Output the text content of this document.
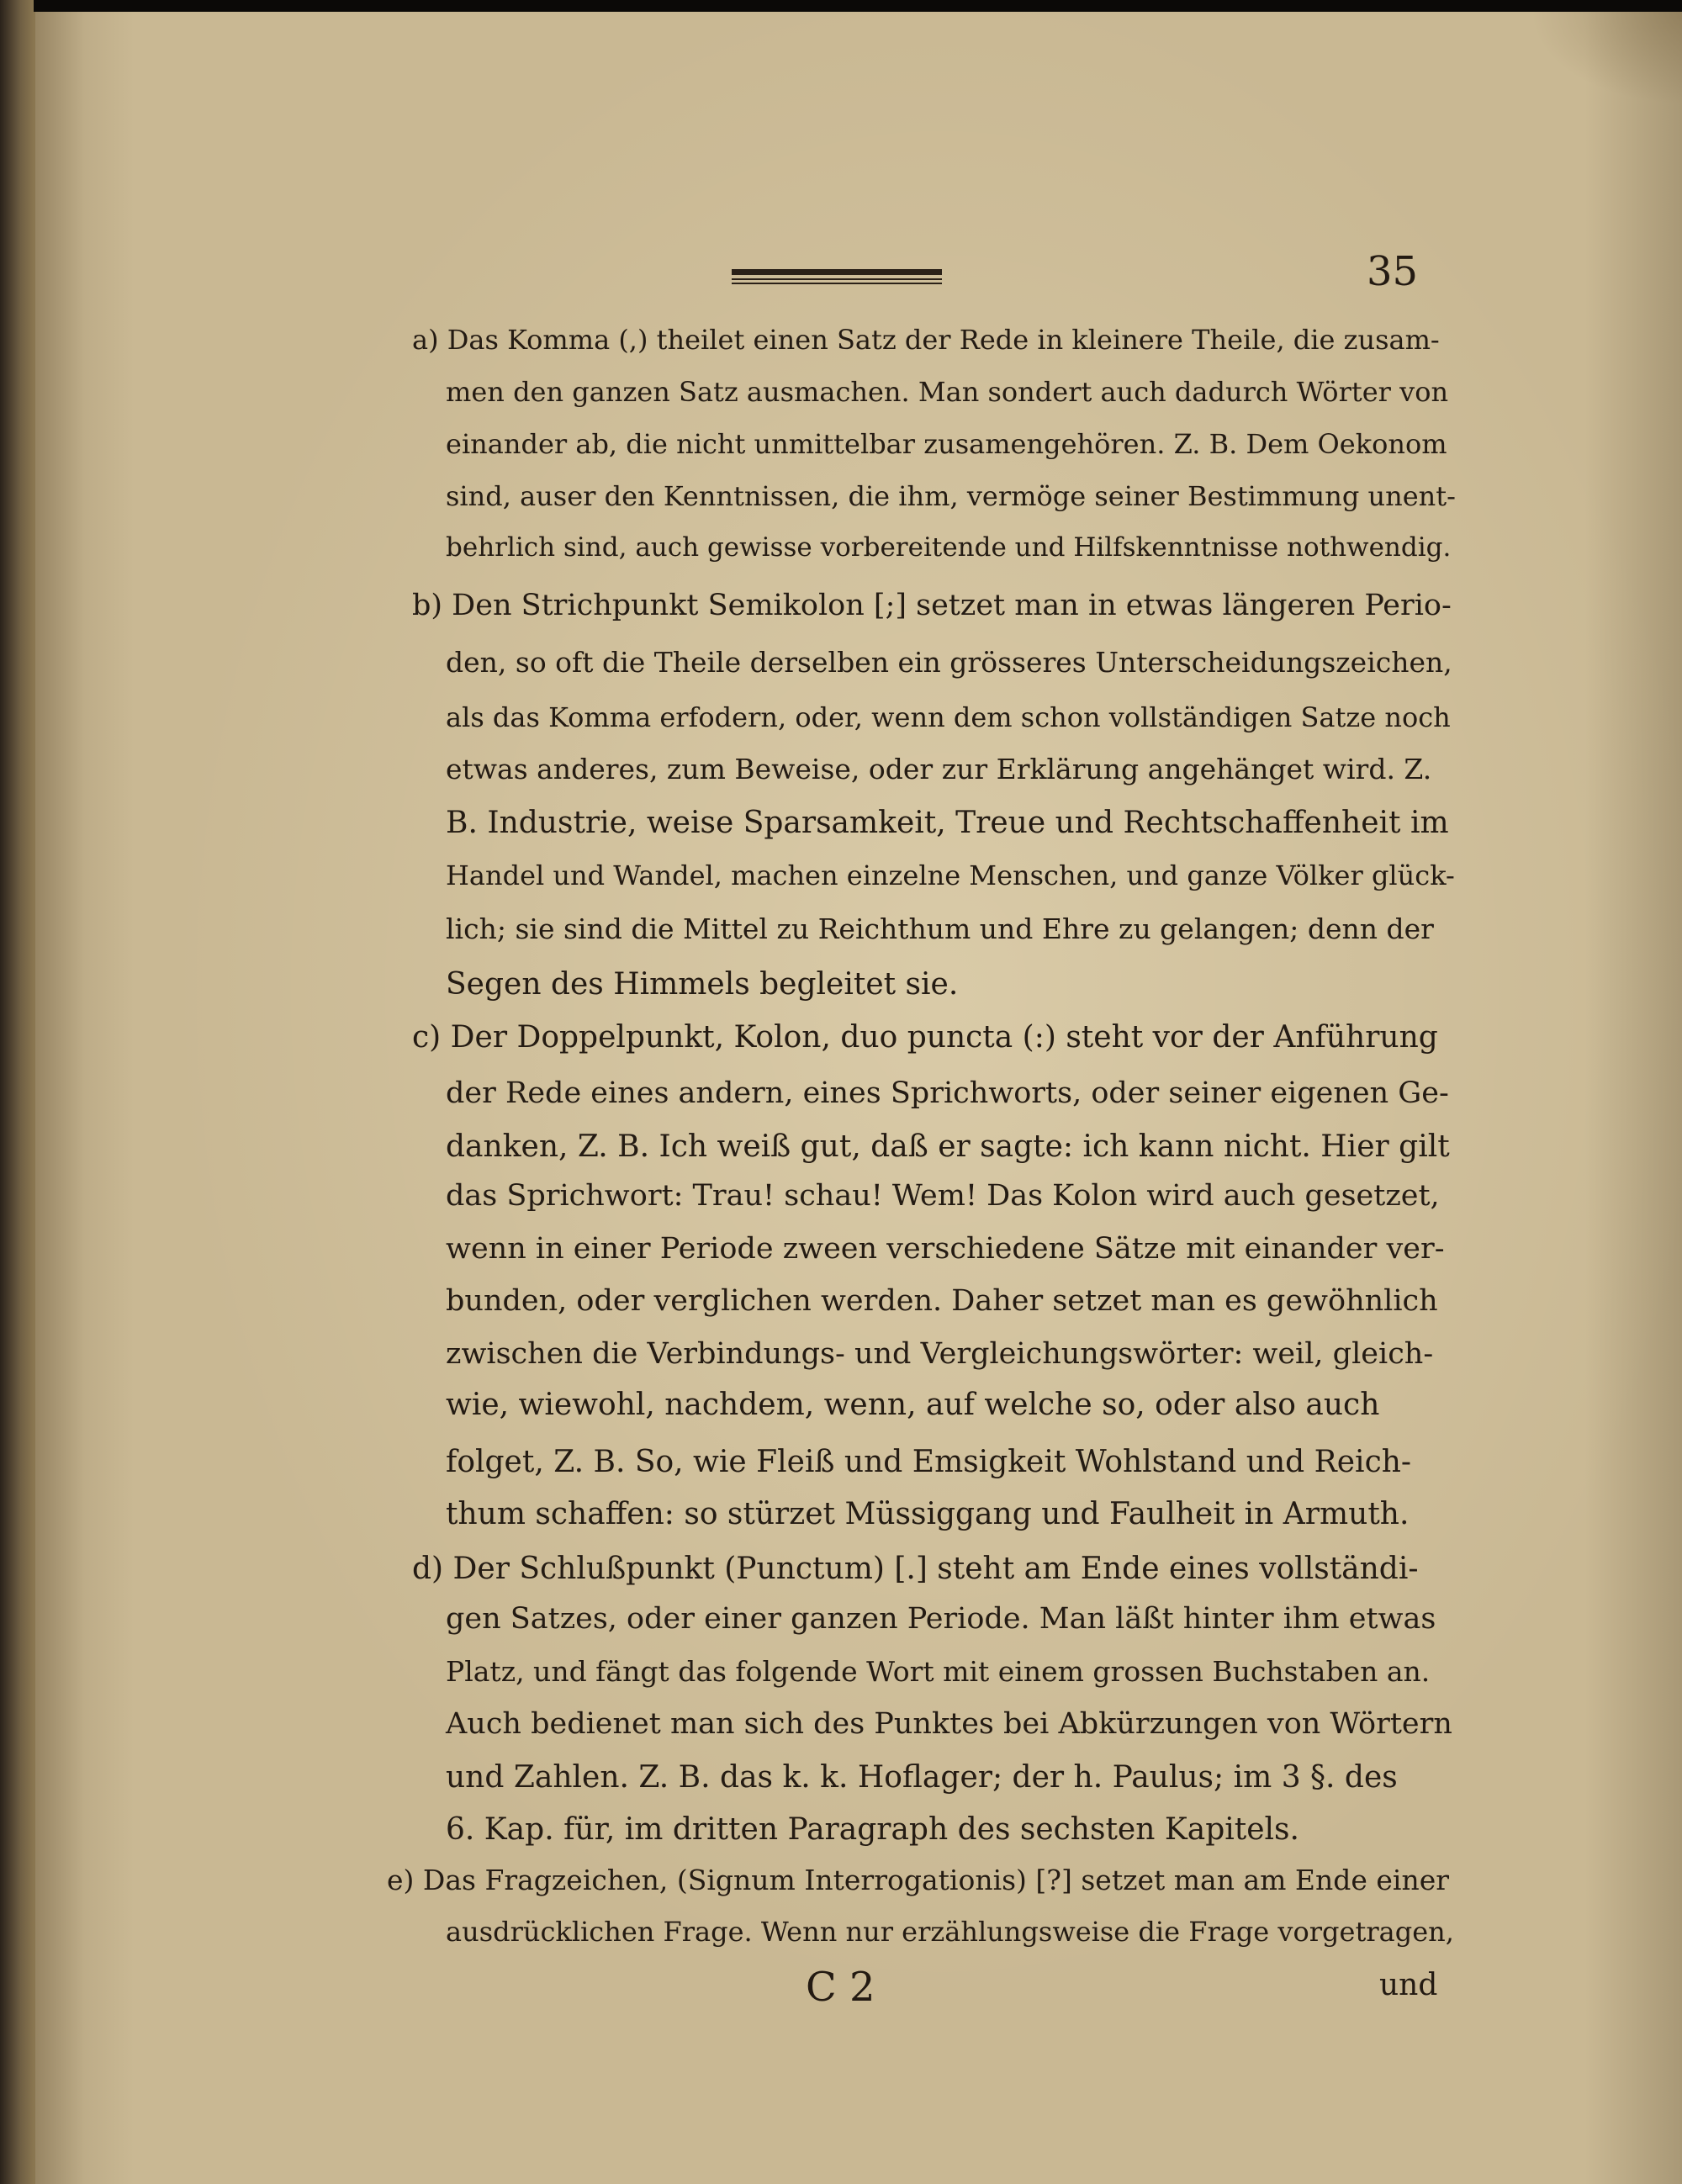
35
a) Das Komma (,) theilet einen Satz der Rede in kleinere Theile, die zusam-
men den ganzen Satz ausmachen. Man sondert auch dadurch Wörter von
einander ab, die nicht unmittelbar zusamengehören. Z. B. Dem Oekonom
sind, auser den Kenntnissen, die ihm, vermöge seiner Bestimmung unent-
behrlich sind, auch gewisse vorbereitende und Hilfskenntnisse nothwendig.
b) Den Strichpunkt Semikolon [;] setzet man in etwas längeren Perio-
den, so oft die Theile derselben ein grösseres Unterscheidungszeichen,
als das Komma erfodern, oder, wenn dem schon vollständigen Satze noch
etwas anderes, zum Beweise, oder zur Erklärung angehänget wird. Z.
B. Industrie, weise Sparsamkeit, Treue und Rechtschaffenheit im
Handel und Wandel, machen einzelne Menschen, und ganze Völker glück-
lich; sie sind die Mittel zu Reichthum und Ehre zu gelangen; denn der
Segen des Himmels begleitet sie.
c) Der Doppelpunkt, Kolon, duo puncta (:) steht vor der Anführung
der Rede eines andern, eines Sprichworts, oder seiner eigenen Ge-
danken, Z. B. Ich weiß gut, daß er sagte: ich kann nicht. Hier gilt
das Sprichwort: Trau! schau! Wem! Das Kolon wird auch gesetzet,
wenn in einer Periode zween verschiedene Sätze mit einander ver-
bunden, oder verglichen werden. Daher setzet man es gewöhnlich
zwischen die Verbindungs- und Vergleichungswörter: weil, gleich-
wie, wiewohl, nachdem, wenn, auf welche so, oder also auch
folget, Z. B. So, wie Fleiß und Emsigkeit Wohlstand und Reich-
thum schaffen: so stürzet Müssiggang und Faulheit in Armuth.
d) Der Schlußpunkt (Punctum) [.] steht am Ende eines vollständi-
gen Satzes, oder einer ganzen Periode. Man läßt hinter ihm etwas
Platz, und fängt das folgende Wort mit einem grossen Buchstaben an.
Auch bedienet man sich des Punktes bei Abkürzungen von Wörtern
und Zahlen. Z. B. das k. k. Hoflager; der h. Paulus; im 3 §. des
6. Kap. für, im dritten Paragraph des sechsten Kapitels.
e) Das Fragzeichen, (Signum Interrogationis) [?] setzet man am Ende einer
ausdrücklichen Frage. Wenn nur erzählungsweise die Frage vorgetragen,
C 2	und
